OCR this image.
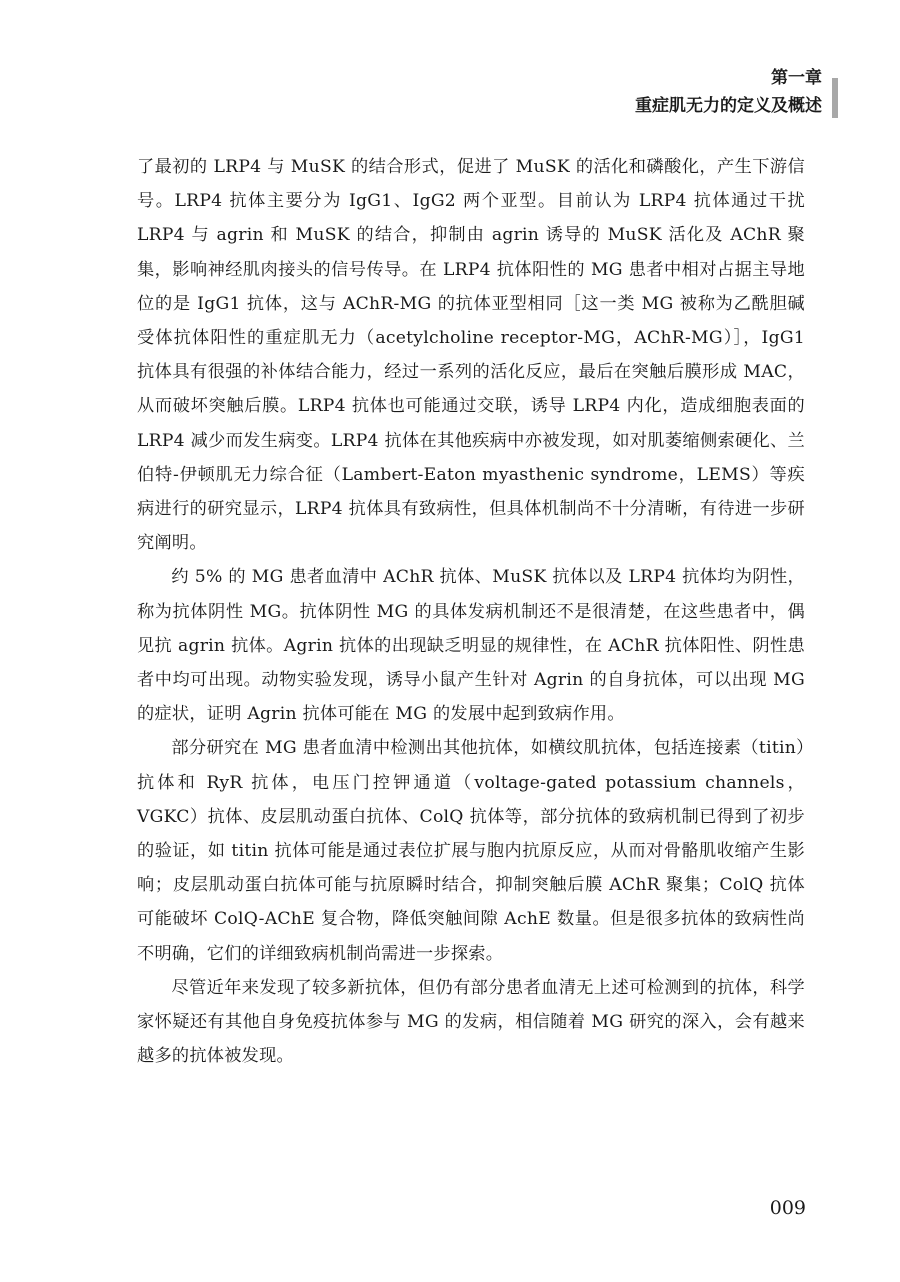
第一章
重症肌无力的定义及概述

了最初的 LRP4 与 MuSK 的结合形式，促进了 MuSK 的活化和磷酸化，产生下游信号。LRP4 抗体主要分为 IgG1、IgG2 两个亚型。目前认为 LRP4 抗体通过干扰 LRP4 与 agrin 和 MuSK 的结合，抑制由 agrin 诱导的 MuSK 活化及 AChR 聚集，影响神经肌肉接头的信号传导。在 LRP4 抗体阳性的 MG 患者中相对占据主导地位的是 IgG1 抗体，这与 AChR-MG 的抗体亚型相同［这一类 MG 被称为乙酰胆碱受体抗体阳性的重症肌无力（acetylcholine receptor-MG，AChR-MG）］，IgG1 抗体具有很强的补体结合能力，经过一系列的活化反应，最后在突触后膜形成 MAC，从而破坏突触后膜。LRP4 抗体也可能通过交联，诱导 LRP4 内化，造成细胞表面的 LRP4 减少而发生病变。LRP4 抗体在其他疾病中亦被发现，如对肌萎缩侧索硬化、兰伯特-伊顿肌无力综合征（Lambert-Eaton myasthenic syndrome，LEMS）等疾病进行的研究显示，LRP4 抗体具有致病性，但具体机制尚不十分清晰，有待进一步研究阐明。

约 5% 的 MG 患者血清中 AChR 抗体、MuSK 抗体以及 LRP4 抗体均为阴性，称为抗体阴性 MG。抗体阴性 MG 的具体发病机制还不是很清楚，在这些患者中，偶见抗 agrin 抗体。Agrin 抗体的出现缺乏明显的规律性，在 AChR 抗体阳性、阴性患者中均可出现。动物实验发现，诱导小鼠产生针对 Agrin 的自身抗体，可以出现 MG 的症状，证明 Agrin 抗体可能在 MG 的发展中起到致病作用。

部分研究在 MG 患者血清中检测出其他抗体，如横纹肌抗体，包括连接素（titin）抗体和 RyR 抗体，电压门控钾通道（voltage-gated potassium channels，VGKC）抗体、皮层肌动蛋白抗体、ColQ 抗体等，部分抗体的致病机制已得到了初步的验证，如 titin 抗体可能是通过表位扩展与胞内抗原反应，从而对骨骼肌收缩产生影响；皮层肌动蛋白抗体可能与抗原瞬时结合，抑制突触后膜 AChR 聚集；ColQ 抗体可能破坏 ColQ-AChE 复合物，降低突触间隙 AchE 数量。但是很多抗体的致病性尚不明确，它们的详细致病机制尚需进一步探索。

尽管近年来发现了较多新抗体，但仍有部分患者血清无上述可检测到的抗体，科学家怀疑还有其他自身免疫抗体参与 MG 的发病，相信随着 MG 研究的深入，会有越来越多的抗体被发现。

009
